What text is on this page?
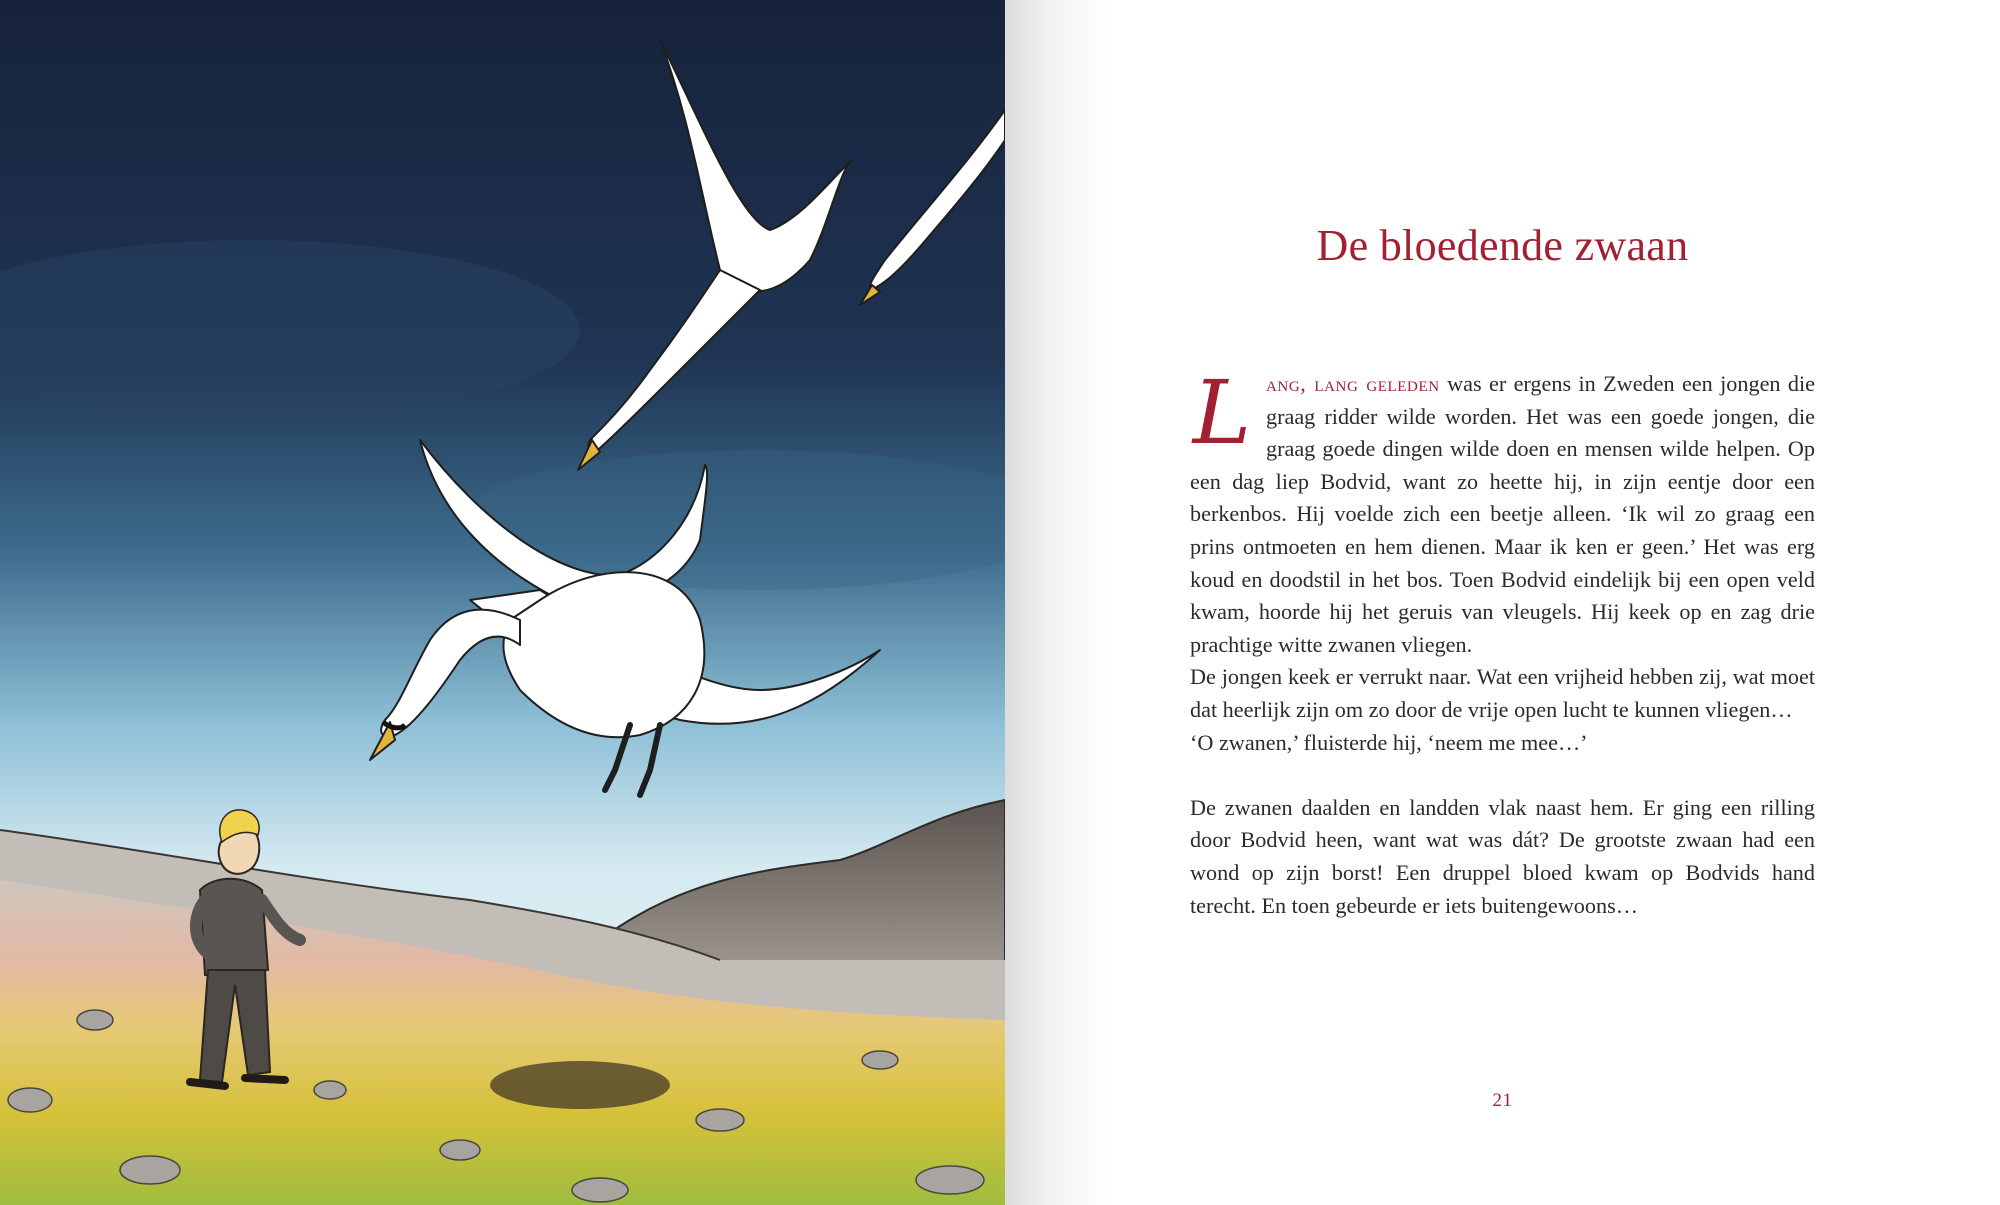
De bloedende zwaan
L ang, lang geleden was er ergens in Zweden een jongen die graag ridder wilde worden. Het was een goede jongen, die graag goede dingen wilde doen en mensen wilde helpen. Op een dag liep Bodvid, want zo heette hij, in zijn eentje door een berkenbos. Hij voelde zich een beetje alleen. ‘Ik wil zo graag een prins ontmoeten en hem dienen. Maar ik ken er geen.’ Het was erg koud en doodstil in het bos. Toen Bodvid eindelijk bij een open veld kwam, hoorde hij het geruis van vleugels. Hij keek op en zag drie prachtige witte zwanen vliegen.

De jongen keek er verrukt naar. Wat een vrijheid hebben zij, wat moet dat heerlijk zijn om zo door de vrije open lucht te kunnen vliegen…

‘O zwanen,’ fluisterde hij, ‘neem me mee…’

De zwanen daalden en landden vlak naast hem. Er ging een rilling door Bodvid heen, want wat was dát? De grootste zwaan had een wond op zijn borst! Een druppel bloed kwam op Bodvids hand terecht. En toen gebeurde er iets buitengewoons…

21
